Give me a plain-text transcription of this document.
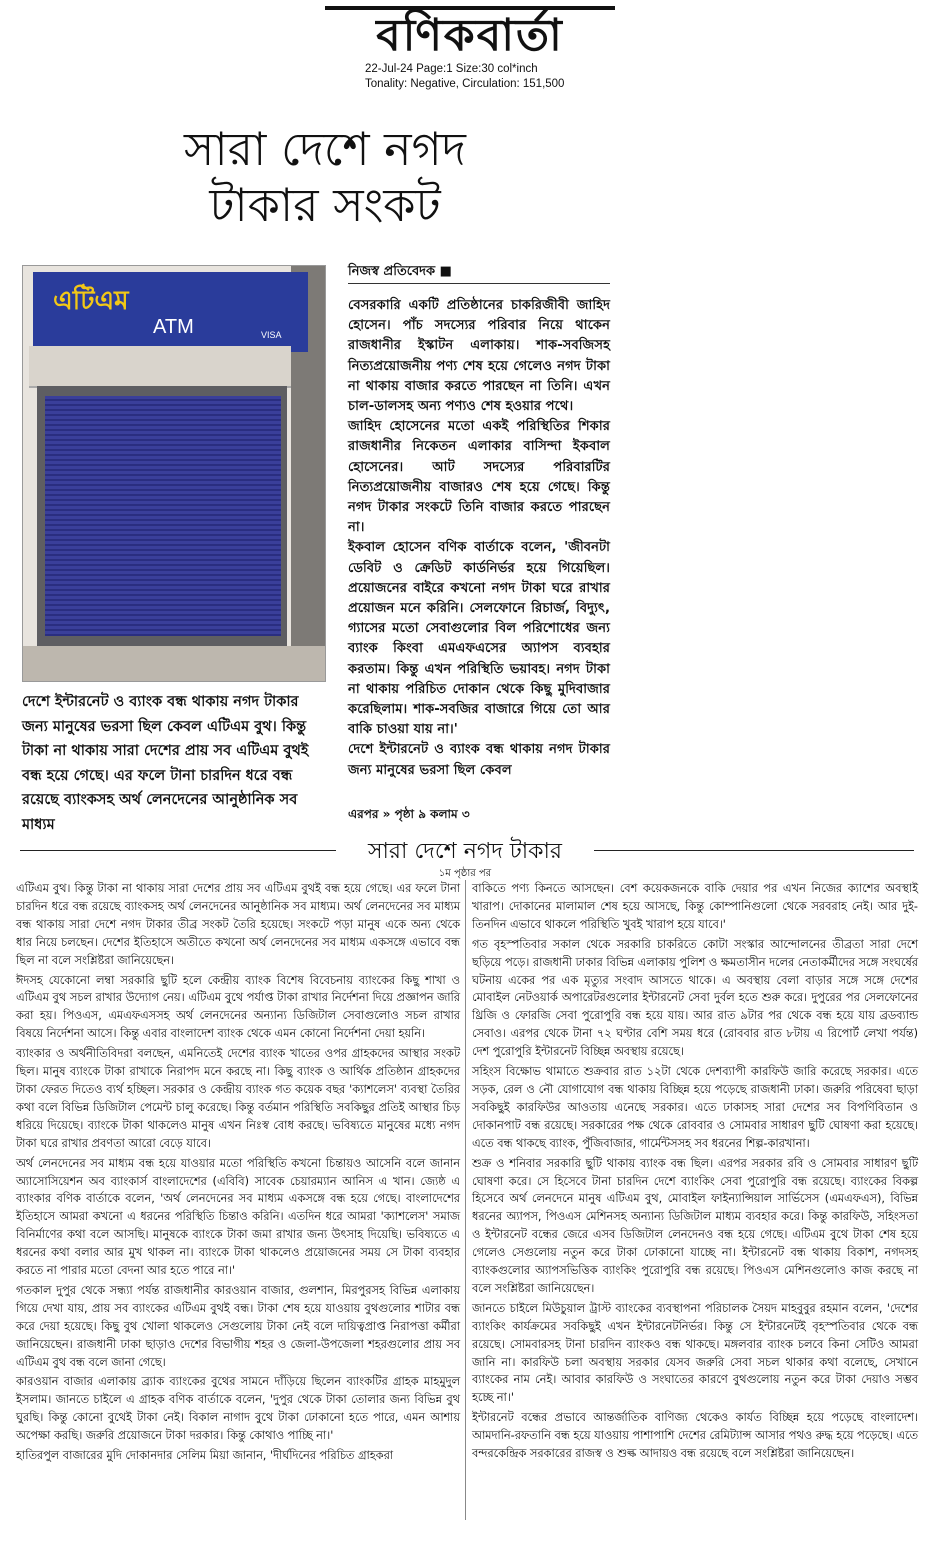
বণিকবার্তা
22-Jul-24 Page:1 Size:30 col*inch
Tonality: Negative, Circulation: 151,500
সারা দেশে নগদ
টাকার সংকট
এটিএম
ATM	VISA
দেশে ইন্টারনেট ও ব্যাংক বন্ধ থাকায় নগদ টাকার জন্য মানুষের ভরসা ছিল কেবল এটিএম বুথ। কিন্তু টাকা না থাকায় সারা দেশের প্রায় সব এটিএম বুথই বন্ধ হয়ে গেছে। এর ফলে টানা চারদিন ধরে বন্ধ রয়েছে ব্যাংকসহ অর্থ লেনদেনের আনুষ্ঠানিক সব মাধ্যম
নিজস্ব প্রতিবেদক ■

বেসরকারি একটি প্রতিষ্ঠানের চাকরিজীবী জাহিদ হোসেন। পাঁচ সদস্যের পরিবার নিয়ে থাকেন রাজধানীর ইস্কাটন এলাকায়। শাক-সবজিসহ নিত্যপ্রয়োজনীয় পণ্য শেষ হয়ে গেলেও নগদ টাকা না থাকায় বাজার করতে পারছেন না তিনি। এখন চাল-ডালসহ অন্য পণ্যও শেষ হওয়ার পথে।

জাহিদ হোসেনের মতো একই পরিস্থিতির শিকার রাজধানীর নিকেতন এলাকার বাসিন্দা ইকবাল হোসেনের। আট সদস্যের পরিবারটির নিত্যপ্রয়োজনীয় বাজারও শেষ হয়ে গেছে। কিন্তু নগদ টাকার সংকটে তিনি বাজার করতে পারছেন না।

ইকবাল হোসেন বণিক বার্তাকে বলেন, 'জীবনটা ডেবিট ও ক্রেডিট কার্ডনির্ভর হয়ে গিয়েছিল। প্রয়োজনের বাইরে কখনো নগদ টাকা ঘরে রাখার প্রয়োজন মনে করিনি। সেলফোনে রিচার্জ, বিদ্যুৎ, গ্যাসের মতো সেবাগুলোর বিল পরিশোধের জন্য ব্যাংক কিংবা এমএফএসের অ্যাপস ব্যবহার করতাম। কিন্তু এখন পরিস্থিতি ভয়াবহ। নগদ টাকা না থাকায় পরিচিত দোকান থেকে কিছু মুদিবাজার করেছিলাম। শাক-সবজির বাজারে গিয়ে তো আর বাকি চাওয়া যায় না।'

দেশে ইন্টারনেট ও ব্যাংক বন্ধ থাকায় নগদ টাকার জন্য মানুষের ভরসা ছিল কেবল

এরপর » পৃষ্ঠা ৯ কলাম ৩
সারা দেশে নগদ টাকার
১ম পৃষ্ঠার পর

এটিএম বুথ। কিন্তু টাকা না থাকায় সারা দেশের প্রায় সব এটিএম বুথই বন্ধ হয়ে গেছে। এর ফলে টানা চারদিন ধরে বন্ধ রয়েছে ব্যাংকসহ অর্থ লেনদেনের আনুষ্ঠানিক সব মাধ্যম। অর্থ লেনদেনের সব মাধ্যম বন্ধ থাকায় সারা দেশে নগদ টাকার তীব্র সংকট তৈরি হয়েছে। সংকটে পড়া মানুষ একে অন্য থেকে ধার নিয়ে চলছেন। দেশের ইতিহাসে অতীতে কখনো অর্থ লেনদেনের সব মাধ্যম একসঙ্গে এভাবে বন্ধ ছিল না বলে সংশ্লিষ্টরা জানিয়েছেন।

ঈদসহ যেকোনো লম্বা সরকারি ছুটি হলে কেন্দ্রীয় ব্যাংক বিশেষ বিবেচনায় ব্যাংকের কিছু শাখা ও এটিএম বুথ সচল রাখার উদ্যোগ নেয়। এটিএম বুথে পর্যাপ্ত টাকা রাখার নির্দেশনা দিয়ে প্রজ্ঞাপন জারি করা হয়। পিওএস, এমএফএসসহ অর্থ লেনদেনের অন্যান্য ডিজিটাল সেবাগুলোও সচল রাখার বিষয়ে নির্দেশনা আসে। কিন্তু এবার বাংলাদেশ ব্যাংক থেকে এমন কোনো নির্দেশনা দেয়া হয়নি।

ব্যাংকার ও অর্থনীতিবিদরা বলছেন, এমনিতেই দেশের ব্যাংক খাতের ওপর গ্রাহকদের আস্থার সংকট ছিল। মানুষ ব্যাংকে টাকা রাখাকে নিরাপদ মনে করছে না। কিছু ব্যাংক ও আর্থিক প্রতিষ্ঠান গ্রাহকদের টাকা ফেরত দিতেও ব্যর্থ হচ্ছিল। সরকার ও কেন্দ্রীয় ব্যাংক গত কয়েক বছর 'ক্যাশলেস' ব্যবস্থা তৈরির কথা বলে বিভিন্ন ডিজিটাল পেমেন্ট চালু করেছে। কিন্তু বর্তমান পরিস্থিতি সবকিছুর প্রতিই আস্থার চিড় ধরিয়ে দিয়েছে। ব্যাংকে টাকা থাকলেও মানুষ এখন নিঃস্ব বোধ করছে। ভবিষ্যতে মানুষের মধ্যে নগদ টাকা ঘরে রাখার প্রবণতা আরো বেড়ে যাবে।

অর্থ লেনদেনের সব মাধ্যম বন্ধ হয়ে যাওয়ার মতো পরিস্থিতি কখনো চিন্তায়ও আসেনি বলে জানান অ্যাসোসিয়েশন অব ব্যাংকার্স বাংলাদেশের (এবিবি) সাবেক চেয়ারম্যান আনিস এ খান। জ্যেষ্ঠ এ ব্যাংকার বণিক বার্তাকে বলেন, 'অর্থ লেনদেনের সব মাধ্যম একসঙ্গে বন্ধ হয়ে গেছে। বাংলাদেশের ইতিহাসে আমরা কখনো এ ধরনের পরিস্থিতি চিন্তাও করিনি। এতদিন ধরে আমরা 'ক্যাশলেস' সমাজ বিনির্মাণের কথা বলে আসছি। মানুষকে ব্যাংকে টাকা জমা রাখার জন্য উৎসাহ দিয়েছি। ভবিষ্যতে এ ধরনের কথা বলার আর মুখ থাকল না। ব্যাংকে টাকা থাকলেও প্রয়োজনের সময় সে টাকা ব্যবহার করতে না পারার মতো বেদনা আর হতে পারে না।'

গতকাল দুপুর থেকে সন্ধ্যা পর্যন্ত রাজধানীর কারওয়ান বাজার, গুলশান, মিরপুরসহ বিভিন্ন এলাকায় গিয়ে দেখা যায়, প্রায় সব ব্যাংকের এটিএম বুথই বন্ধ। টাকা শেষ হয়ে যাওয়ায় বুথগুলোর শাটার বন্ধ করে দেয়া হয়েছে। কিছু বুথ খোলা থাকলেও সেগুলোয় টাকা নেই বলে দায়িত্বপ্রাপ্ত নিরাপত্তা কর্মীরা জানিয়েছেন। রাজধানী ঢাকা ছাড়াও দেশের বিভাগীয় শহর ও জেলা-উপজেলা শহরগুলোর প্রায় সব এটিএম বুথ বন্ধ বলে জানা গেছে।

কারওয়ান বাজার এলাকায় ব্র্যাক ব্যাংকের বুথের সামনে দাঁড়িয়ে ছিলেন ব্যাংকটির গ্রাহক মাহমুদুল ইসলাম। জানতে চাইলে এ গ্রাহক বণিক বার্তাকে বলেন, 'দুপুর থেকে টাকা তোলার জন্য বিভিন্ন বুথ ঘুরছি। কিন্তু কোনো বুথেই টাকা নেই। বিকাল নাগাদ বুথে টাকা ঢোকানো হতে পারে, এমন আশায় অপেক্ষা করছি। জরুরি প্রয়োজনে টাকা দরকার। কিন্তু কোথাও পাচ্ছি না।'

হাতিরপুল বাজারের মুদি দোকানদার সেলিম মিয়া জানান, 'দীর্ঘদিনের পরিচিত গ্রাহকরা

বাকিতে পণ্য কিনতে আসছেন। বেশ কয়েকজনকে বাকি দেয়ার পর এখন নিজের ক্যাশের অবস্থাই খারাপ। দোকানের মালামাল শেষ হয়ে আসছে, কিন্তু কোম্পানিগুলো থেকে সরবরাহ নেই। আর দুই-তিনদিন এভাবে থাকলে পরিস্থিতি খুবই খারাপ হয়ে যাবে।'

গত বৃহস্পতিবার সকাল থেকে সরকারি চাকরিতে কোটা সংস্কার আন্দোলনের তীব্রতা সারা দেশে ছড়িয়ে পড়ে। রাজধানী ঢাকার বিভিন্ন এলাকায় পুলিশ ও ক্ষমতাসীন দলের নেতাকর্মীদের সঙ্গে সংঘর্ষের ঘটনায় একের পর এক মৃত্যুর সংবাদ আসতে থাকে। এ অবস্থায় বেলা বাড়ার সঙ্গে সঙ্গে দেশের মোবাইল নেটওয়ার্ক অপারেটরগুলোর ইন্টারনেট সেবা দুর্বল হতে শুরু করে। দুপুরের পর সেলফোনের থ্রিজি ও ফোরজি সেবা পুরোপুরি বন্ধ হয়ে যায়। আর রাত ৯টার পর থেকে বন্ধ হয়ে যায় ব্রডব্যান্ড সেবাও। এরপর থেকে টানা ৭২ ঘণ্টার বেশি সময় ধরে (রোববার রাত ৮টায় এ রিপোর্ট লেখা পর্যন্ত) দেশ পুরোপুরি ইন্টারনেট বিচ্ছিন্ন অবস্থায় রয়েছে।

সহিংস বিক্ষোভ থামাতে শুক্রবার রাত ১২টা থেকে দেশব্যাপী কারফিউ জারি করেছে সরকার। এতে সড়ক, রেল ও নৌ যোগাযোগ বন্ধ থাকায় বিচ্ছিন্ন হয়ে পড়েছে রাজধানী ঢাকা। জরুরি পরিষেবা ছাড়া সবকিছুই কারফিউর আওতায় এনেছে সরকার। এতে ঢাকাসহ সারা দেশের সব বিপণিবিতান ও দোকানপাট বন্ধ রয়েছে। সরকারের পক্ষ থেকে রোববার ও সোমবার সাধারণ ছুটি ঘোষণা করা হয়েছে। এতে বন্ধ থাকছে ব্যাংক, পুঁজিবাজার, গার্মেন্টসসহ সব ধরনের শিল্প-কারখানা।

শুক্র ও শনিবার সরকারি ছুটি থাকায় ব্যাংক বন্ধ ছিল। এরপর সরকার রবি ও সোমবার সাধারণ ছুটি ঘোষণা করে। সে হিসেবে টানা চারদিন দেশে ব্যাংকিং সেবা পুরোপুরি বন্ধ রয়েছে। ব্যাংকের বিকল্প হিসেবে অর্থ লেনদেনে মানুষ এটিএম বুথ, মোবাইল ফাইন্যান্সিয়াল সার্ভিসেস (এমএফএস), বিভিন্ন ধরনের অ্যাপস, পিওএস মেশিনসহ অন্যান্য ডিজিটাল মাধ্যম ব্যবহার করে। কিন্তু কারফিউ, সহিংসতা ও ইন্টারনেট বন্ধের জেরে এসব ডিজিটাল লেনদেনও বন্ধ হয়ে গেছে। এটিএম বুথে টাকা শেষ হয়ে গেলেও সেগুলোয় নতুন করে টাকা ঢোকানো যাচ্ছে না। ইন্টারনেট বন্ধ থাকায় বিকাশ, নগদসহ ব্যাংকগুলোর অ্যাপসভিত্তিক ব্যাংকিং পুরোপুরি বন্ধ রয়েছে। পিওএস মেশিনগুলোও কাজ করছে না বলে সংশ্লিষ্টরা জানিয়েছেন।

জানতে চাইলে মিউচুয়াল ট্রাস্ট ব্যাংকের ব্যবস্থাপনা পরিচালক সৈয়দ মাহবুবুর রহমান বলেন, 'দেশের ব্যাংকিং কার্যক্রমের সবকিছুই এখন ইন্টারনেটনির্ভর। কিন্তু সে ইন্টারনেটই বৃহস্পতিবার থেকে বন্ধ রয়েছে। সোমবারসহ টানা চারদিন ব্যাংকও বন্ধ থাকছে। মঙ্গলবার ব্যাংক চলবে কিনা সেটিও আমরা জানি না। কারফিউ চলা অবস্থায় সরকার যেসব জরুরি সেবা সচল থাকার কথা বলেছে, সেখানে ব্যাংকের নাম নেই। আবার কারফিউ ও সংঘাতের কারণে বুথগুলোয় নতুন করে টাকা দেয়াও সম্ভব হচ্ছে না।'

ইন্টারনেট বন্ধের প্রভাবে আন্তর্জাতিক বাণিজ্য থেকেও কার্যত বিচ্ছিন্ন হয়ে পড়েছে বাংলাদেশ। আমদানি-রফতানি বন্ধ হয়ে যাওয়ায় পাশাপাশি দেশের রেমিট্যান্স আসার পথও রুদ্ধ হয়ে পড়েছে। এতে বন্দরকেন্দ্রিক সরকারের রাজস্ব ও শুল্ক আদায়ও বন্ধ রয়েছে বলে সংশ্লিষ্টরা জানিয়েছেন।
